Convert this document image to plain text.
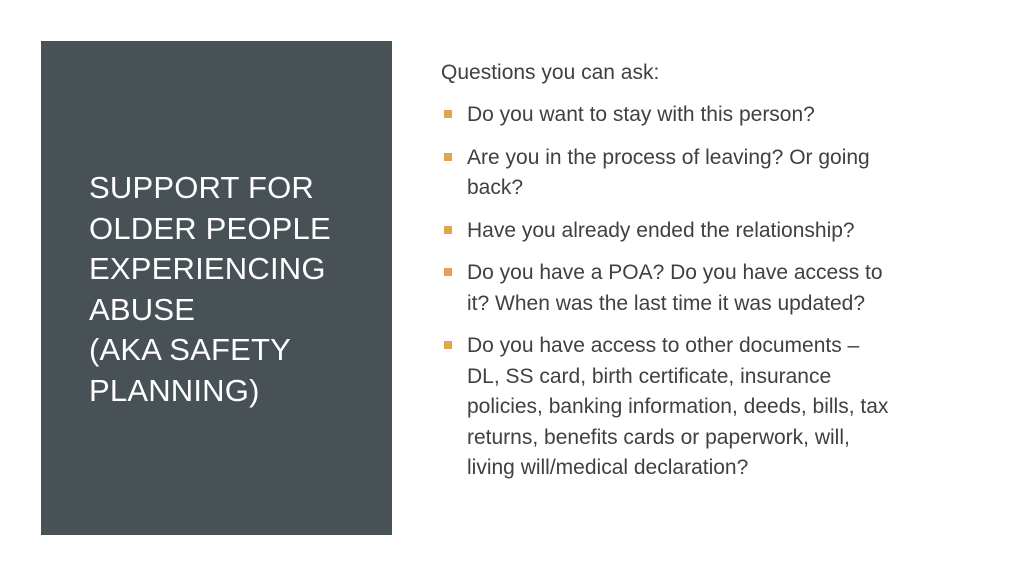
SUPPORT FOR
OLDER PEOPLE
EXPERIENCING
ABUSE
(AKA SAFETY
PLANNING)
Questions you can ask:
Do you want to stay with this person?
Are you in the process of leaving? Or going
back?
Have you already ended the relationship?
Do you have a POA? Do you have access to
it? When was the last time it was updated?
Do you have access to other documents –
DL, SS card, birth certificate, insurance
policies, banking information, deeds, bills, tax
returns, benefits cards or paperwork, will,
living will/medical declaration?
